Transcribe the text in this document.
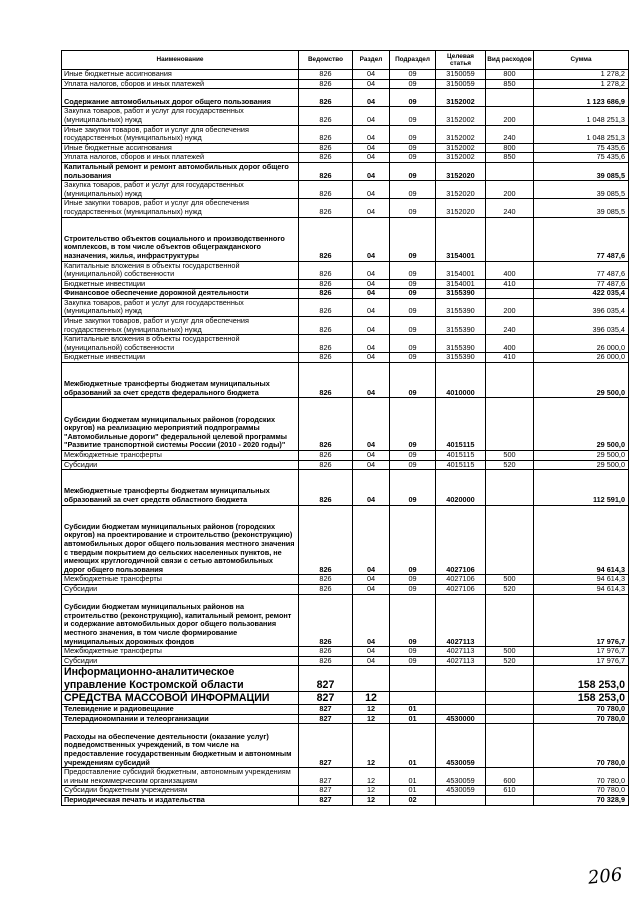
Наименование	Ведомство	Раздел	Подраздел	Целевая статья	Вид расходов	Сумма
Иные бюджетные ассигнования	826	04	09	3150059	800	1 278,2
Уплата налогов, сборов и иных платежей	826	04	09	3150059	850	1 278,2
Содержание автомобильных дорог общего пользования	826	04	09	3152002		1 123 686,9
Закупка товаров, работ и услуг для государственных (муниципальных) нужд	826	04	09	3152002	200	1 048 251,3
Иные закупки товаров, работ и услуг для обеспечения государственных (муниципальных) нужд	826	04	09	3152002	240	1 048 251,3
Иные бюджетные ассигнования	826	04	09	3152002	800	75 435,6
Уплата налогов, сборов и иных платежей	826	04	09	3152002	850	75 435,6
Капитальный ремонт и ремонт автомобильных дорог общего пользования	826	04	09	3152020		39 085,5
Закупка товаров, работ и услуг для государственных (муниципальных) нужд	826	04	09	3152020	200	39 085,5
Иные закупки товаров, работ и услуг для обеспечения государственных (муниципальных) нужд	826	04	09	3152020	240	39 085,5
Строительство объектов социального и производственного комплексов, в том числе объектов общегражданского назначения, жилья, инфраструктуры	826	04	09	3154001		77 487,6
Капитальные вложения в объекты государственной (муниципальной) собственности	826	04	09	3154001	400	77 487,6
Бюджетные инвестиции	826	04	09	3154001	410	77 487,6
Финансовое обеспечение дорожной деятельности	826	04	09	3155390		422 035,4
Закупка товаров, работ и услуг для государственных (муниципальных) нужд	826	04	09	3155390	200	396 035,4
Иные закупки товаров, работ и услуг для обеспечения государственных (муниципальных) нужд	826	04	09	3155390	240	396 035,4
Капитальные вложения в объекты государственной (муниципальной) собственности	826	04	09	3155390	400	26 000,0
Бюджетные инвестиции	826	04	09	3155390	410	26 000,0
Межбюджетные трансферты бюджетам муниципальных образований за счет средств федерального бюджета	826	04	09	4010000		29 500,0
Субсидии бюджетам муниципальных районов (городских округов) на реализацию мероприятий подпрограммы "Автомобильные дороги" федеральной целевой программы "Развитие транспортной системы России (2010 - 2020 годы)"	826	04	09	4015115		29 500,0
Межбюджетные трансферты	826	04	09	4015115	500	29 500,0
Субсидии	826	04	09	4015115	520	29 500,0
Межбюджетные трансферты бюджетам муниципальных образований за счет средств областного бюджета	826	04	09	4020000		112 591,0
Субсидии бюджетам муниципальных районов (городских округов) на проектирование и строительство (реконструкцию) автомобильных дорог общего пользования местного значения с твердым покрытием до сельских населенных пунктов, не имеющих круглогодичной связи с сетью автомобильных дорог общего пользования	826	04	09	4027106		94 614,3
Межбюджетные трансферты	826	04	09	4027106	500	94 614,3
Субсидии	826	04	09	4027106	520	94 614,3
Субсидии бюджетам муниципальных районов на строительство (реконструкцию), капитальный ремонт, ремонт и содержание автомобильных дорог общего пользования местного значения, в том числе формирование муниципальных дорожных фондов	826	04	09	4027113		17 976,7
Межбюджетные трансферты	826	04	09	4027113	500	17 976,7
Субсидии	826	04	09	4027113	520	17 976,7
Информационно-аналитическое управление Костромской области	827					158 253,0
СРЕДСТВА МАССОВОЙ ИНФОРМАЦИИ	827	12				158 253,0
Телевидение и радиовещание	827	12	01			70 780,0
Телерадиокомпании и телеорганизации	827	12	01	4530000		70 780,0
Расходы на обеспечение деятельности (оказание услуг) подведомственных учреждений, в том числе на предоставление государственным бюджетным и автономным учреждениям субсидий	827	12	01	4530059		70 780,0
Предоставление субсидий бюджетным, автономным учреждениям и иным некоммерческим организациям	827	12	01	4530059	600	70 780,0
Субсидии бюджетным учреждениям	827	12	01	4530059	610	70 780,0
Периодическая печать и издательства	827	12	02			70 328,9
206
